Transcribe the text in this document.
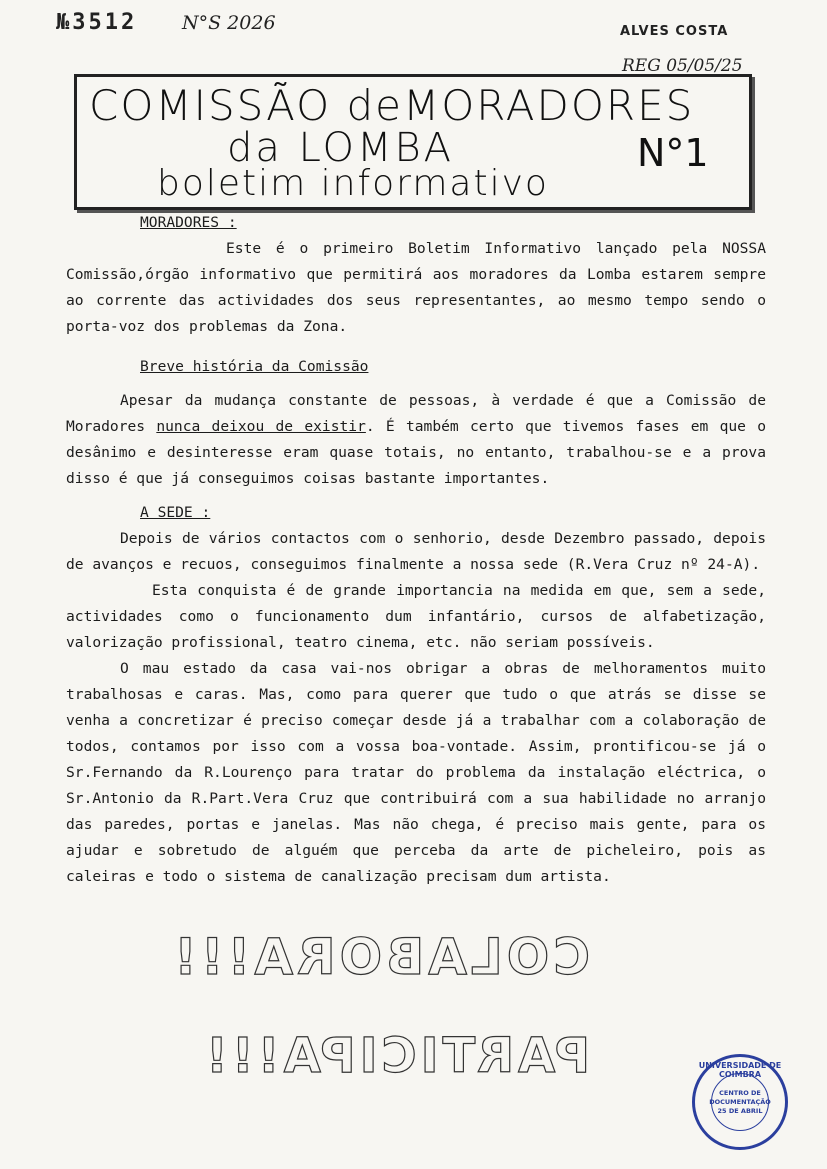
№3512 N°S 2026	ALVES COSTA
REG 05/05/25
COMISSÃO deMORADORES
da LOMBA
boletim informativo
N°1

MORADORES :

Este é o primeiro Boletim Informativo lançado pela NOSSA Comissão,órgão informativo que permitirá aos moradores da Lomba estarem sempre ao corrente das actividades dos seus representantes, ao mesmo tempo sendo o porta-voz dos problemas da Zona.

Breve história da Comissão

Apesar da mudança constante de pessoas, à verdade é que a Comissão de Moradores nunca deixou de existir. É também certo que tivemos fases em que o desânimo e desinteresse eram quase totais, no entanto, trabalhou-se e a prova disso é que já conseguimos coisas bastante importantes.

A SEDE :

Depois de vários contactos com o senhorio, desde Dezembro passado, depois de avanços e recuos, conseguimos finalmente a nossa sede (R.Vera Cruz nº 24-A).

Esta conquista é de grande importancia na medida em que, sem a sede, actividades como o funcionamento dum infantário, cursos de alfabetização, valorização profissional, teatro cinema, etc. não seriam possíveis.

O mau estado da casa vai-nos obrigar a obras de melhoramentos muito trabalhosas e caras. Mas, como para querer que tudo o que atrás se disse se venha a concretizar é preciso começar desde já a trabalhar com a colaboração de todos, contamos por isso com a vossa boa-vontade. Assim, prontificou-se já o Sr.Fernando da R.Lourenço para tratar do problema da instalação eléctrica, o Sr.Antonio da R.Part.Vera Cruz que contribuirá com a sua habilidade no arranjo das paredes, portas e janelas. Mas não chega, é preciso mais gente, para os ajudar e sobretudo de alguém que perceba da arte de picheleiro, pois as caleiras e todo o sistema de canalização precisam dum artista.

COLABORA!!!
PARTICIPA!!!	UNIVERSIDADE DE COIMBRA
CENTRO DE
DOCUMENTAÇÃO
25 DE ABRIL
